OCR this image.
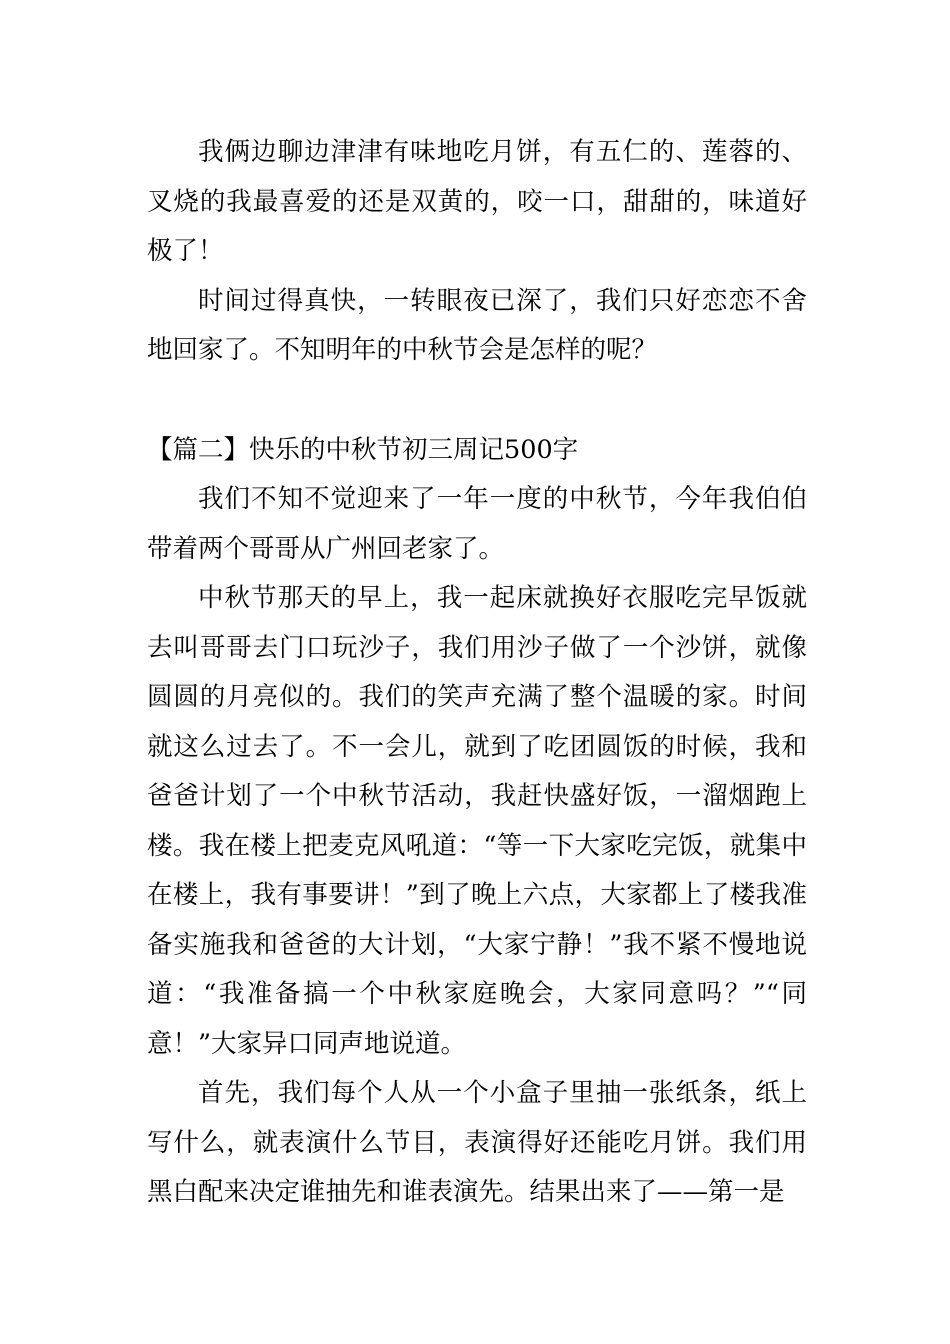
我俩边聊边津津有味地吃月饼，有五仁的、莲蓉的、叉烧的我最喜爱的还是双黄的，咬一口，甜甜的，味道好极了！

时间过得真快，一转眼夜已深了，我们只好恋恋不舍地回家了。不知明年的中秋节会是怎样的呢？

【篇二】快乐的中秋节初三周记500字

我们不知不觉迎来了一年一度的中秋节，今年我伯伯带着两个哥哥从广州回老家了。

中秋节那天的早上，我一起床就换好衣服吃完早饭就去叫哥哥去门口玩沙子，我们用沙子做了一个沙饼，就像圆圆的月亮似的。我们的笑声充满了整个温暖的家。时间就这么过去了。不一会儿，就到了吃团圆饭的时候，我和爸爸计划了一个中秋节活动，我赶快盛好饭，一溜烟跑上楼。我在楼上把麦克风吼道：“等一下大家吃完饭，就集中在楼上，我有事要讲！”到了晚上六点，大家都上了楼我准备实施我和爸爸的大计划，“大家宁静！”我不紧不慢地说道：“我准备搞一个中秋家庭晚会，大家同意吗？”“同意！”大家异口同声地说道。

首先，我们每个人从一个小盒子里抽一张纸条，纸上写什么，就表演什么节目，表演得好还能吃月饼。我们用黑白配来决定谁抽先和谁表演先。结果出来了——第一是
